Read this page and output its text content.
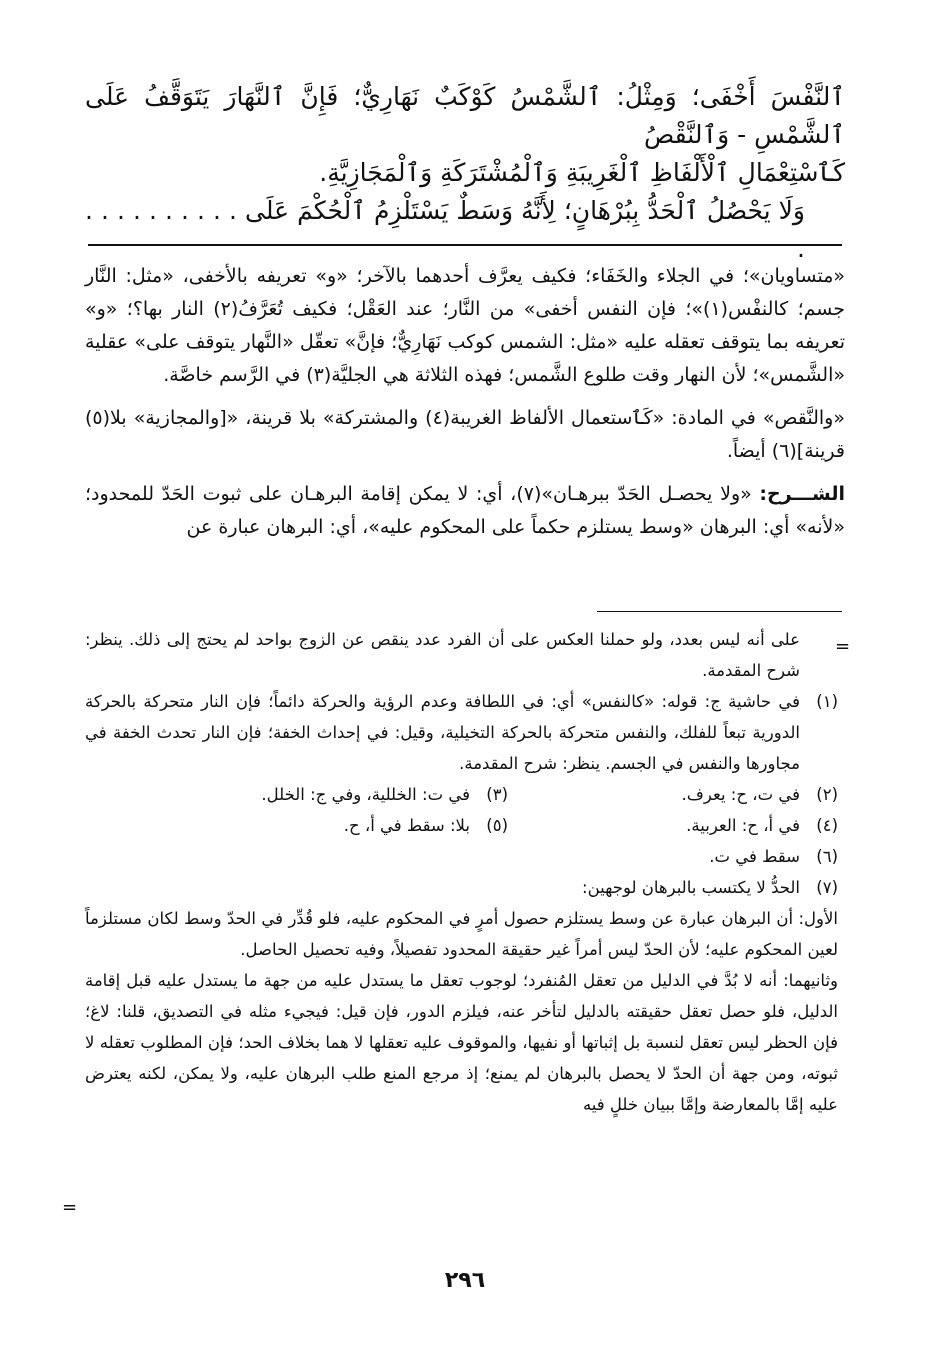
ٱلنَّفْسَ أَخْفَى؛ وَمِثْلُ: ٱلشَّمْسُ كَوْكَبٌ نَهَارِيٌّ؛ فَإِنَّ ٱلنَّهَارَ يَتَوَقَّفُ عَلَى ٱلشَّمْسِ - وَٱلنَّقْصُ

كَٱسْتِعْمَالِ ٱلْأَلْفَاظِ ٱلْغَرِيبَةِ وَٱلْمُشْتَرَكَةِ وَٱلْمَجَازِيَّةِ.

وَلَا يَحْصُلُ ٱلْحَدُّ بِبُرْهَانٍ؛ لِأَنَّهُ وَسَطٌ يَسْتَلْزِمُ ٱلْحُكْمَ عَلَى . . . . . . . . . . .

«متساويان»؛ في الجلاء والخَفَاء؛ فكيف يعرَّف أحدهما بالآخر؛ «و» تعريفه بالأخفى، «مثل: النَّار جسم؛ كالنفْس(١)»؛ فإن النفس أخفى» من النَّار؛ عند العَقْل؛ فكيف تُعَرَّفُ(٢) النار بها؟؛ «و» تعريفه بما يتوقف تعقله عليه «مثل: الشمس كوكب نَهَارِيٌّ؛ فإنَّ» تعقّل «النَّهار يتوقف على» عقلية «الشَّمس»؛ لأن النهار وقت طلوع الشَّمس؛ فهذه الثلاثة هي الجليَّة(٣) في الرَّسم خاصَّة.

«والنَّقص» في المادة: «كَٱستعمال الألفاظ الغريبة(٤) والمشتركة» بلا قرينة، «[والمجازية» بلا(٥) قرينة](٦) أيضاً.

الشـــرح: «ولا يحصـل الحَدّ ببرهـان»(٧)، أي: لا يمكن إقامة البرهـان على ثبوت الحَدّ للمحدود؛ «لأنه» أي: البرهان «وسط يستلزم حكماً على المحكوم عليه»، أي: البرهان عبارة عن

=
على أنه ليس بعدد، ولو حملنا العكس على أن الفرد عدد ينقص عن الزوج بواحد لم يحتج إلى ذلك. ينظر: شرح المقدمة.
(١)
في حاشية ج: قوله: «كالنفس» أي: في اللطافة وعدم الرؤية والحركة دائماً؛ فإن النار متحركة بالحركة الدورية تبعاً للفلك، والنفس متحركة بالحركة التخيلية، وقيل: في إحداث الخفة؛ فإن النار تحدث الخفة في مجاورها والنفس في الجسم. ينظر: شرح المقدمة.
(٢)
في ت، ح: يعرف.
(٣)
في ت: الخللية، وفي ج: الخلل.
(٤)
في أ، ح: العربية.
(٥)
بلا: سقط في أ، ح.
(٦)
سقط في ت.
(٧)
الحدُّ لا يكتسب بالبرهان لوجهين:
الأول: أن البرهان عبارة عن وسط يستلزم حصول أمرٍ في المحكوم عليه، فلو قُدِّر في الحدّ وسط لكان مستلزماً لعين المحكوم عليه؛ لأن الحدّ ليس أمراً غير حقيقة المحدود تفصيلاً، وفيه تحصيل الحاصل.
وثانيهما: أنه لا بُدَّ في الدليل من تعقل المُنفرد؛ لوجوب تعقل ما يستدل عليه من جهة ما يستدل عليه قبل إقامة الدليل، فلو حصل تعقل حقيقته بالدليل لتأخر عنه، فيلزم الدور، فإن قيل: فيجيء مثله في التصديق، قلنا: لاغ؛ فإن الحظر ليس تعقل لنسبة بل إثباتها أو نفيها، والموقوف عليه تعقلها لا هما بخلاف الحد؛ فإن المطلوب تعقله لا ثبوته، ومن جهة أن الحدّ لا يحصل بالبرهان لم يمنع؛ إذ مرجع المنع طلب البرهان عليه، ولا يمكن، لكنه يعترض عليه إمَّا بالمعارضة وإمَّا ببيان خللٍ فيه
=
٢٩٦
